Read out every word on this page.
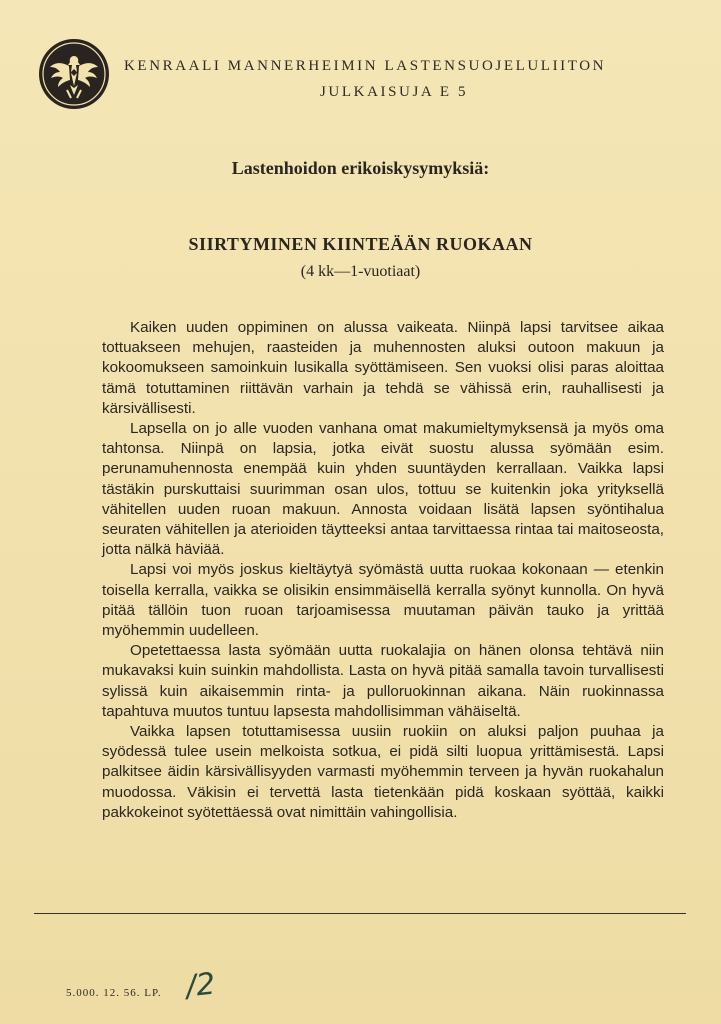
KENRAALI MANNERHEIMIN LASTENSUOJELULIITON
JULKAISUJA E 5
Lastenhoidon erikoiskysymyksiä:
SIIRTYMINEN KIINTEÄÄN RUOKAAN
(4 kk—1-vuotiaat)

Kaiken uuden oppiminen on alussa vaikeata. Niinpä lapsi tarvitsee aikaa tottuakseen mehujen, raasteiden ja muhennosten aluksi outoon makuun ja kokoomukseen samoinkuin lusikalla syöttämiseen. Sen vuoksi olisi paras aloittaa tämä totuttaminen riittävän varhain ja tehdä se vähissä erin, rauhallisesti ja kärsivällisesti.

Lapsella on jo alle vuoden vanhana omat makumieltymyksensä ja myös oma tahtonsa. Niinpä on lapsia, jotka eivät suostu alussa syömään esim. perunamuhennosta enempää kuin yhden suuntäyden kerrallaan. Vaikka lapsi tästäkin purskuttaisi suurimman osan ulos, tottuu se kuitenkin joka yrityksellä vähitellen uuden ruoan makuun. Annosta voidaan lisätä lapsen syöntihalua seuraten vähitellen ja aterioiden täytteeksi antaa tarvittaessa rintaa tai maitoseosta, jotta nälkä häviää.

Lapsi voi myös joskus kieltäytyä syömästä uutta ruokaa kokonaan — etenkin toisella kerralla, vaikka se olisikin ensimmäisellä kerralla syönyt kunnolla. On hyvä pitää tällöin tuon ruoan tarjoamisessa muutaman päivän tauko ja yrittää myöhemmin uudelleen.

Opetettaessa lasta syömään uutta ruokalajia on hänen olonsa tehtävä niin mukavaksi kuin suinkin mahdollista. Lasta on hyvä pitää samalla tavoin turvallisesti sylissä kuin aikaisemmin rinta- ja pulloruokinnan aikana. Näin ruokinnassa tapahtuva muutos tuntuu lapsesta mahdollisimman vähäiseltä.

Vaikka lapsen totuttamisessa uusiin ruokiin on aluksi paljon puuhaa ja syödessä tulee usein melkoista sotkua, ei pidä silti luopua yrittämisestä. Lapsi palkitsee äidin kärsivällisyyden varmasti myöhemmin terveen ja hyvän ruokahalun muodossa. Väkisin ei tervettä lasta tietenkään pidä koskaan syöttää, kaikki pakkokeinot syötettäessä ovat nimittäin vahingollisia.

5.000. 12. 56. LP. /2
